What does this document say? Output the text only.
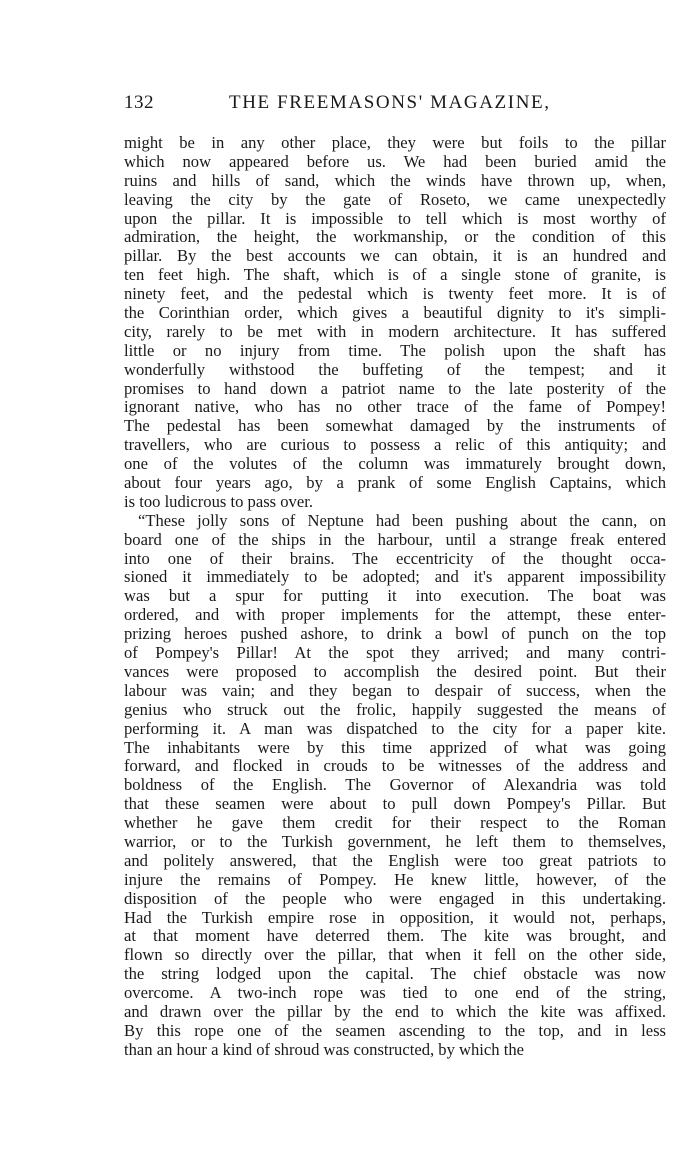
132	THE FREEMASONS' MAGAZINE,
might be in any other place, they were but foils to the pillar
which now appeared before us. We had been buried amid the
ruins and hills of sand, which the winds have thrown up, when,
leaving the city by the gate of Roseto, we came unexpectedly
upon the pillar. It is impossible to tell which is most worthy of
admiration, the height, the workmanship, or the condition of this
pillar. By the best accounts we can obtain, it is an hundred and
ten feet high. The shaft, which is of a single stone of granite, is
ninety feet, and the pedestal which is twenty feet more. It is of
the Corinthian order, which gives a beautiful dignity to it's simpli-
city, rarely to be met with in modern architecture. It has suffered
little or no injury from time. The polish upon the shaft has
wonderfully withstood the buffeting of the tempest; and it
promises to hand down a patriot name to the late posterity of the
ignorant native, who has no other trace of the fame of Pompey!
The pedestal has been somewhat damaged by the instruments of
travellers, who are curious to possess a relic of this antiquity; and
one of the volutes of the column was immaturely brought down,
about four years ago, by a prank of some English Captains, which
is too ludicrous to pass over.
“These jolly sons of Neptune had been pushing about the cann, on
board one of the ships in the harbour, until a strange freak entered
into one of their brains. The eccentricity of the thought occa-
sioned it immediately to be adopted; and it's apparent impossibility
was but a spur for putting it into execution. The boat was
ordered, and with proper implements for the attempt, these enter-
prizing heroes pushed ashore, to drink a bowl of punch on the top
of Pompey's Pillar! At the spot they arrived; and many contri-
vances were proposed to accomplish the desired point. But their
labour was vain; and they began to despair of success, when the
genius who struck out the frolic, happily suggested the means of
performing it. A man was dispatched to the city for a paper kite.
The inhabitants were by this time apprized of what was going
forward, and flocked in crouds to be witnesses of the address and
boldness of the English. The Governor of Alexandria was told
that these seamen were about to pull down Pompey's Pillar. But
whether he gave them credit for their respect to the Roman
warrior, or to the Turkish government, he left them to themselves,
and politely answered, that the English were too great patriots to
injure the remains of Pompey. He knew little, however, of the
disposition of the people who were engaged in this undertaking.
Had the Turkish empire rose in opposition, it would not, perhaps,
at that moment have deterred them. The kite was brought, and
flown so directly over the pillar, that when it fell on the other side,
the string lodged upon the capital. The chief obstacle was now
overcome. A two-inch rope was tied to one end of the string,
and drawn over the pillar by the end to which the kite was affixed.
By this rope one of the seamen ascending to the top, and in less
than an hour a kind of shroud was constructed, by which the
